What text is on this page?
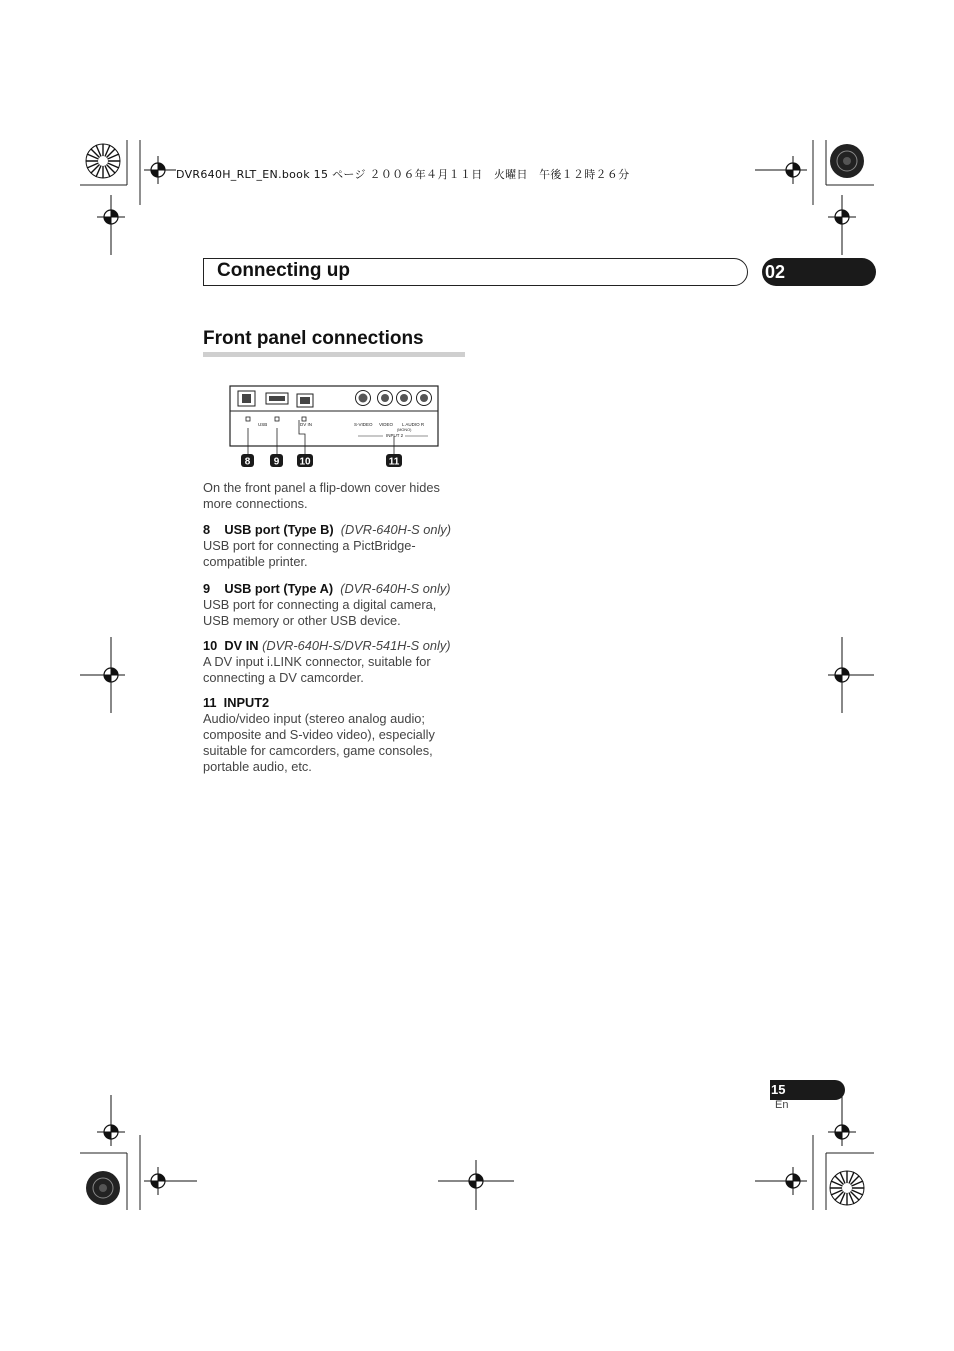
DVR640H_RLT_EN.book 15 ページ ２００６年４月１１日　火曜日　午後１２時２６分
Connecting up	02
Front panel connections
USB	DV IN	S-VIDEO VIDEO L AUDIO R
(MONO)
INPUT 2
8 9 10	11
On the front panel a flip-down cover hides more connections.
8 USB port (Type B) (DVR-640H-S only)
USB port for connecting a PictBridge-compatible printer.
9 USB port (Type A) (DVR-640H-S only)
USB port for connecting a digital camera, USB memory or other USB device.
10 DV IN (DVR-640H-S/DVR-541H-S only)
A DV input i.LINK connector, suitable for connecting a DV camcorder.
11 INPUT2
Audio/video input (stereo analog audio; composite and S-video video), especially suitable for camcorders, game consoles, portable audio, etc.
15
En
